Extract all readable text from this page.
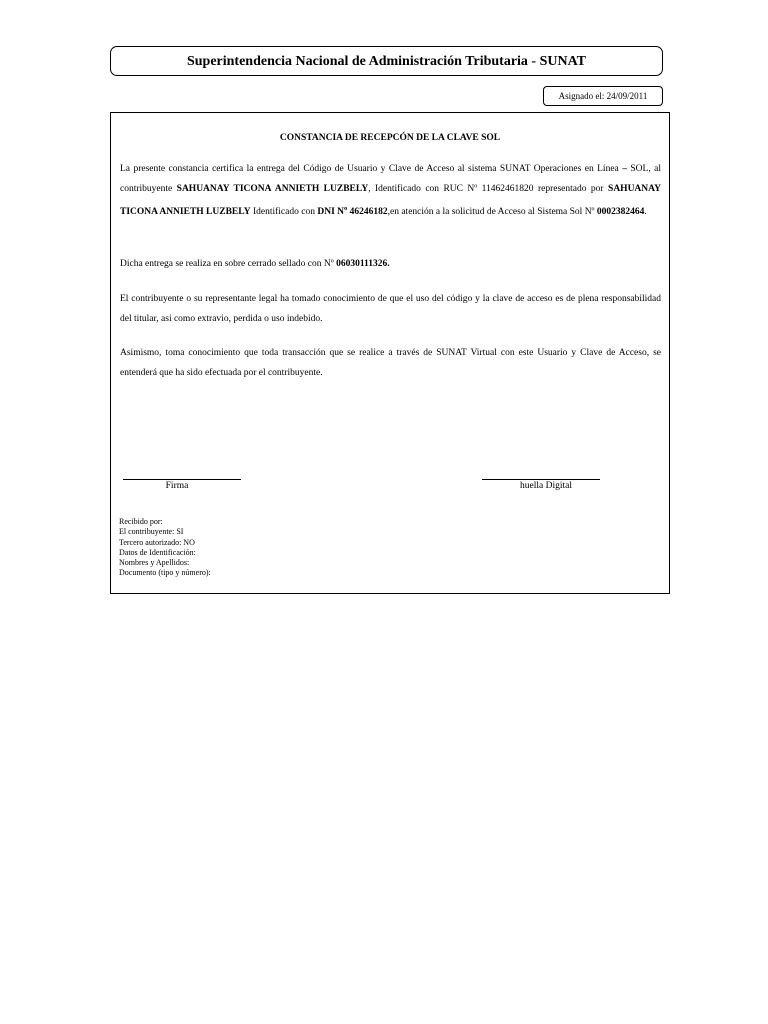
Superintendencia Nacional de Administración Tributaria - SUNAT
Asignado el: 24/09/2011
CONSTANCIA DE RECEPCÓN DE LA CLAVE SOL

La presente constancia certifica la entrega del Código de Usuario y Clave de Acceso al sistema SUNAT Operaciones en Línea – SOL, al contribuyente SAHUANAY TICONA ANNIETH LUZBELY, Identificado con RUC Nº 11462461820 representado por SAHUANAY TICONA ANNIETH LUZBELY Identificado con DNI $N^o$ 46246182,en atención a la solicitud de Acceso al Sistema Sol Nº 0002382464.

Dicha entrega se realiza en sobre cerrado sellado con Nº 06030111326.

El contribuyente o su representante legal ha tomado conocimiento de que el uso del código y la clave de acceso es de plena responsabilidad del titular, asi como extravio, perdida o uso indebido.

Asimismo, toma conocimiento que toda transacción que se realice a través de SUNAT Virtual con este Usuario y Clave de Acceso, se entenderá que ha sido efectuada por el contribuyente.

Firma	huella Digital
Recibido por:
El contribuyente: SI
Tercero autorizado: NO
Datos de Identificación:
Nombres y Apellidos:
Documento (tipo y número):
